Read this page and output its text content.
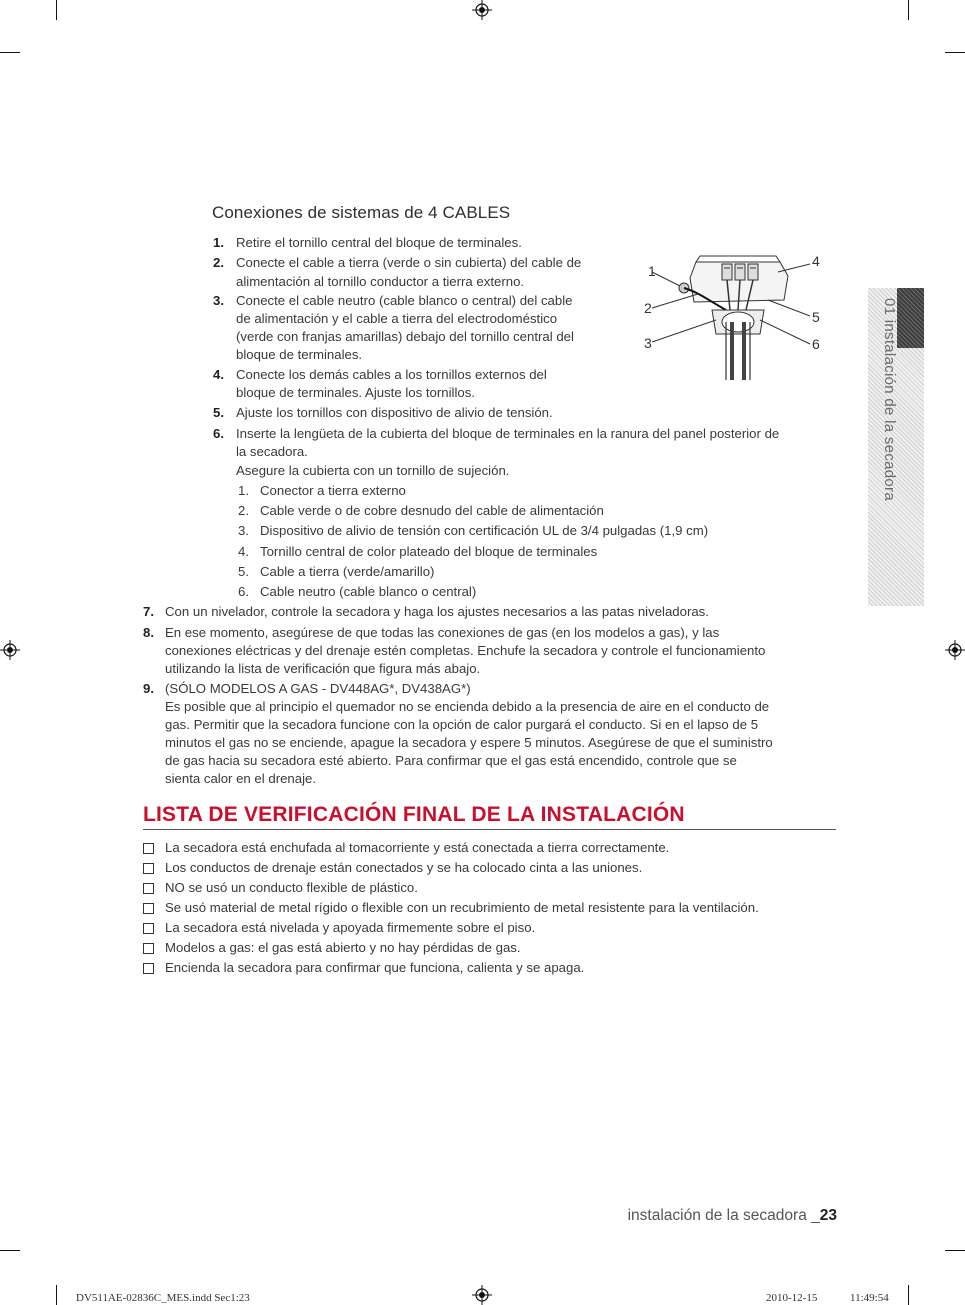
01 instalación de la secadora
Conexiones de sistemas de 4 CABLES
1. Retire el tornillo central del bloque de terminales.
2. Conecte el cable a tierra (verde o sin cubierta) del cable de
alimentación al tornillo conductor a tierra externo.
3. Conecte el cable neutro (cable blanco o central) del cable
de alimentación y el cable a tierra del electrodoméstico
(verde con franjas amarillas) debajo del tornillo central del
bloque de terminales.
4. Conecte los demás cables a los tornillos externos del
bloque de terminales. Ajuste los tornillos.
5. Ajuste los tornillos con dispositivo de alivio de tensión.
6. Inserte la lengüeta de la cubierta del bloque de terminales en la ranura del panel posterior de
la secadora.
Asegure la cubierta con un tornillo de sujeción.
1. Conector a tierra externo
2. Cable verde o de cobre desnudo del cable de alimentación
3. Dispositivo de alivio de tensión con certificación UL de 3/4 pulgadas (1,9 cm)
4. Tornillo central de color plateado del bloque de terminales
5. Cable a tierra (verde/amarillo)
6. Cable neutro (cable blanco o central)
1
2
3
4
5
6
7. Con un nivelador, controle la secadora y haga los ajustes necesarios a las patas niveladoras.
8. En ese momento, asegúrese de que todas las conexiones de gas (en los modelos a gas), y las
conexiones eléctricas y del drenaje estén completas. Enchufe la secadora y controle el funcionamiento
utilizando la lista de verificación que figura más abajo.
9. (SÓLO MODELOS A GAS - DV448AG*, DV438AG*)
Es posible que al principio el quemador no se encienda debido a la presencia de aire en el conducto de
gas. Permitir que la secadora funcione con la opción de calor purgará el conducto. Si en el lapso de 5
minutos el gas no se enciende, apague la secadora y espere 5 minutos. Asegúrese de que el suministro
de gas hacia su secadora esté abierto. Para confirmar que el gas está encendido, controle que se
sienta calor en el drenaje.
LISTA DE VERIFICACIÓN FINAL DE LA INSTALACIÓN
La secadora está enchufada al tomacorriente y está conectada a tierra correctamente.
Los conductos de drenaje están conectados y se ha colocado cinta a las uniones.
NO se usó un conducto flexible de plástico.
Se usó material de metal rígido o flexible con un recubrimiento de metal resistente para la ventilación.
La secadora está nivelada y apoyada firmemente sobre el piso.
Modelos a gas: el gas está abierto y no hay pérdidas de gas.
Encienda la secadora para confirmar que funciona, calienta y se apaga.
instalación de la secadora _23
DV511AE-02836C_MES.indd Sec1:23	2010-12-15	11:49:54
